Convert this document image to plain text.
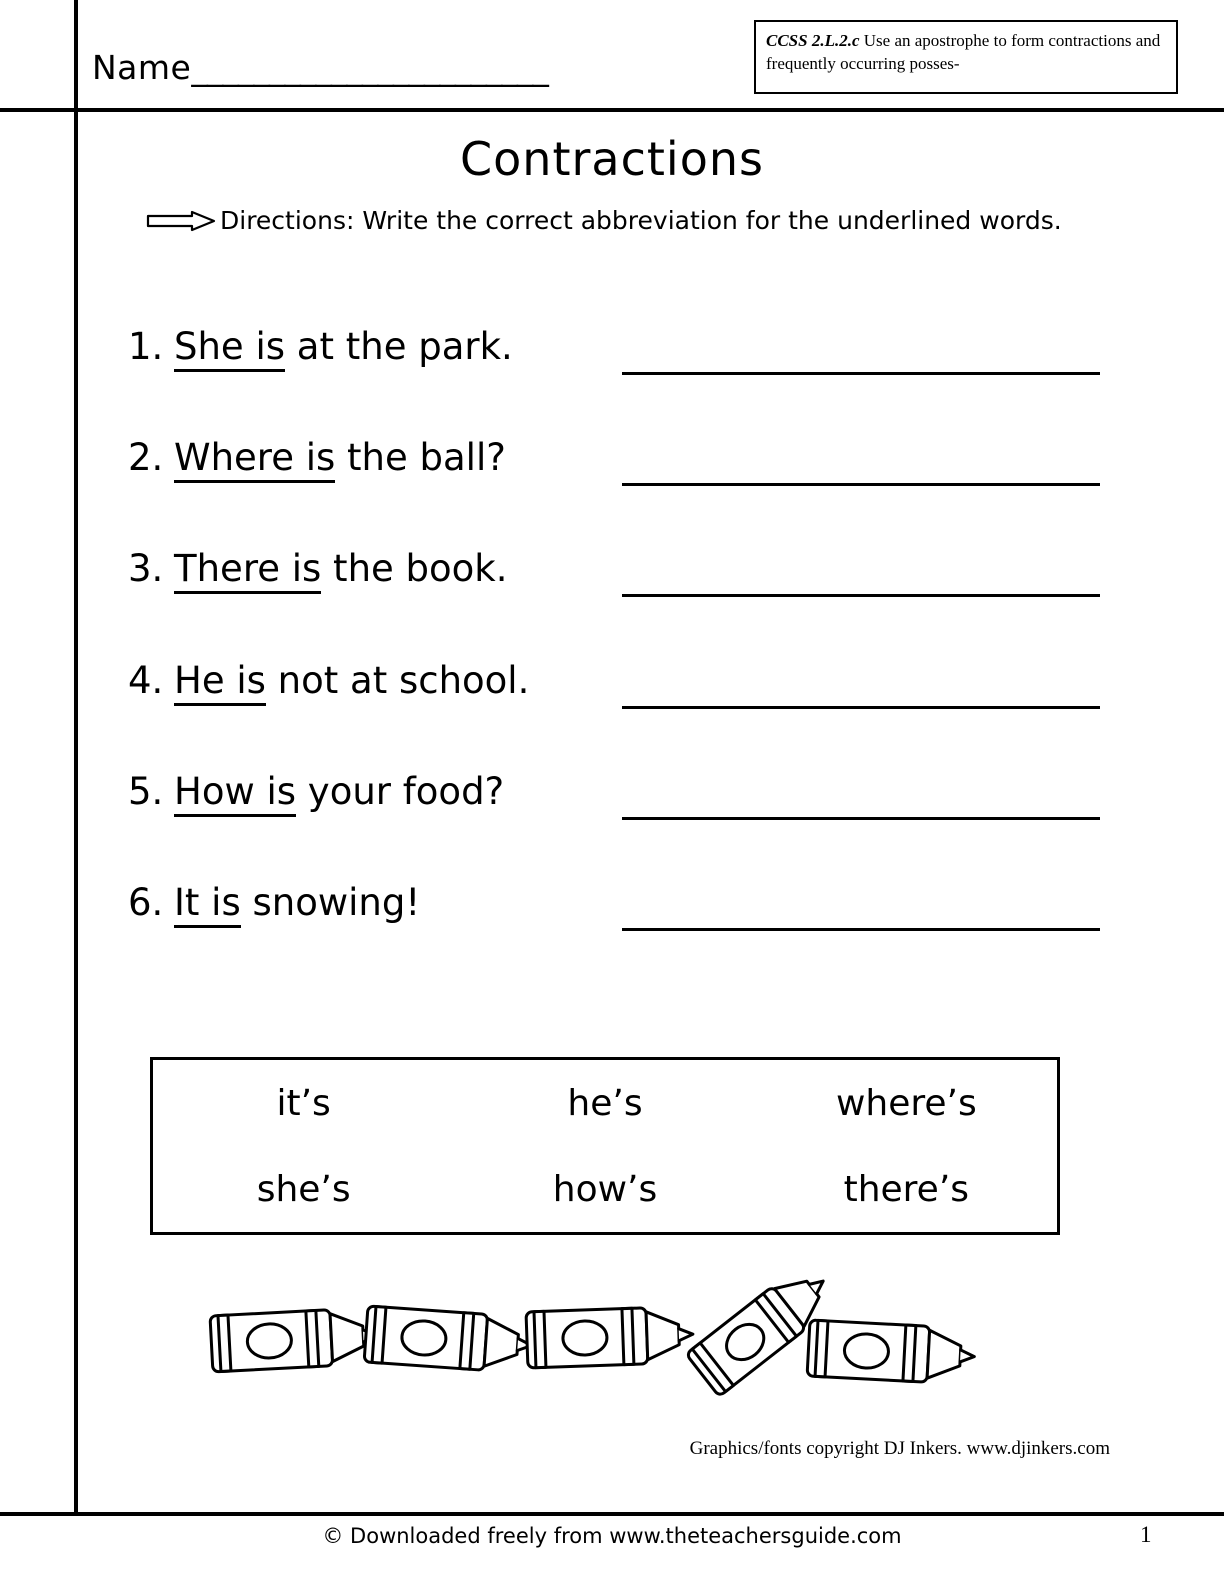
Name_______________________
CCSS 2.L.2.c Use an apostrophe to form contractions and frequently occurring posses-
Contractions
Directions: Write the correct abbreviation for the underlined words.
1. She is at the park.
2. Where is the ball?
3. There is the book.
4. He is not at school.
5. How is your food?
6. It is snowing!
it’s	he’s	where’s
she’s	how’s	there’s
Graphics/fonts copyright DJ Inkers. www.djinkers.com
© Downloaded freely from www.theteachersguide.com	1
